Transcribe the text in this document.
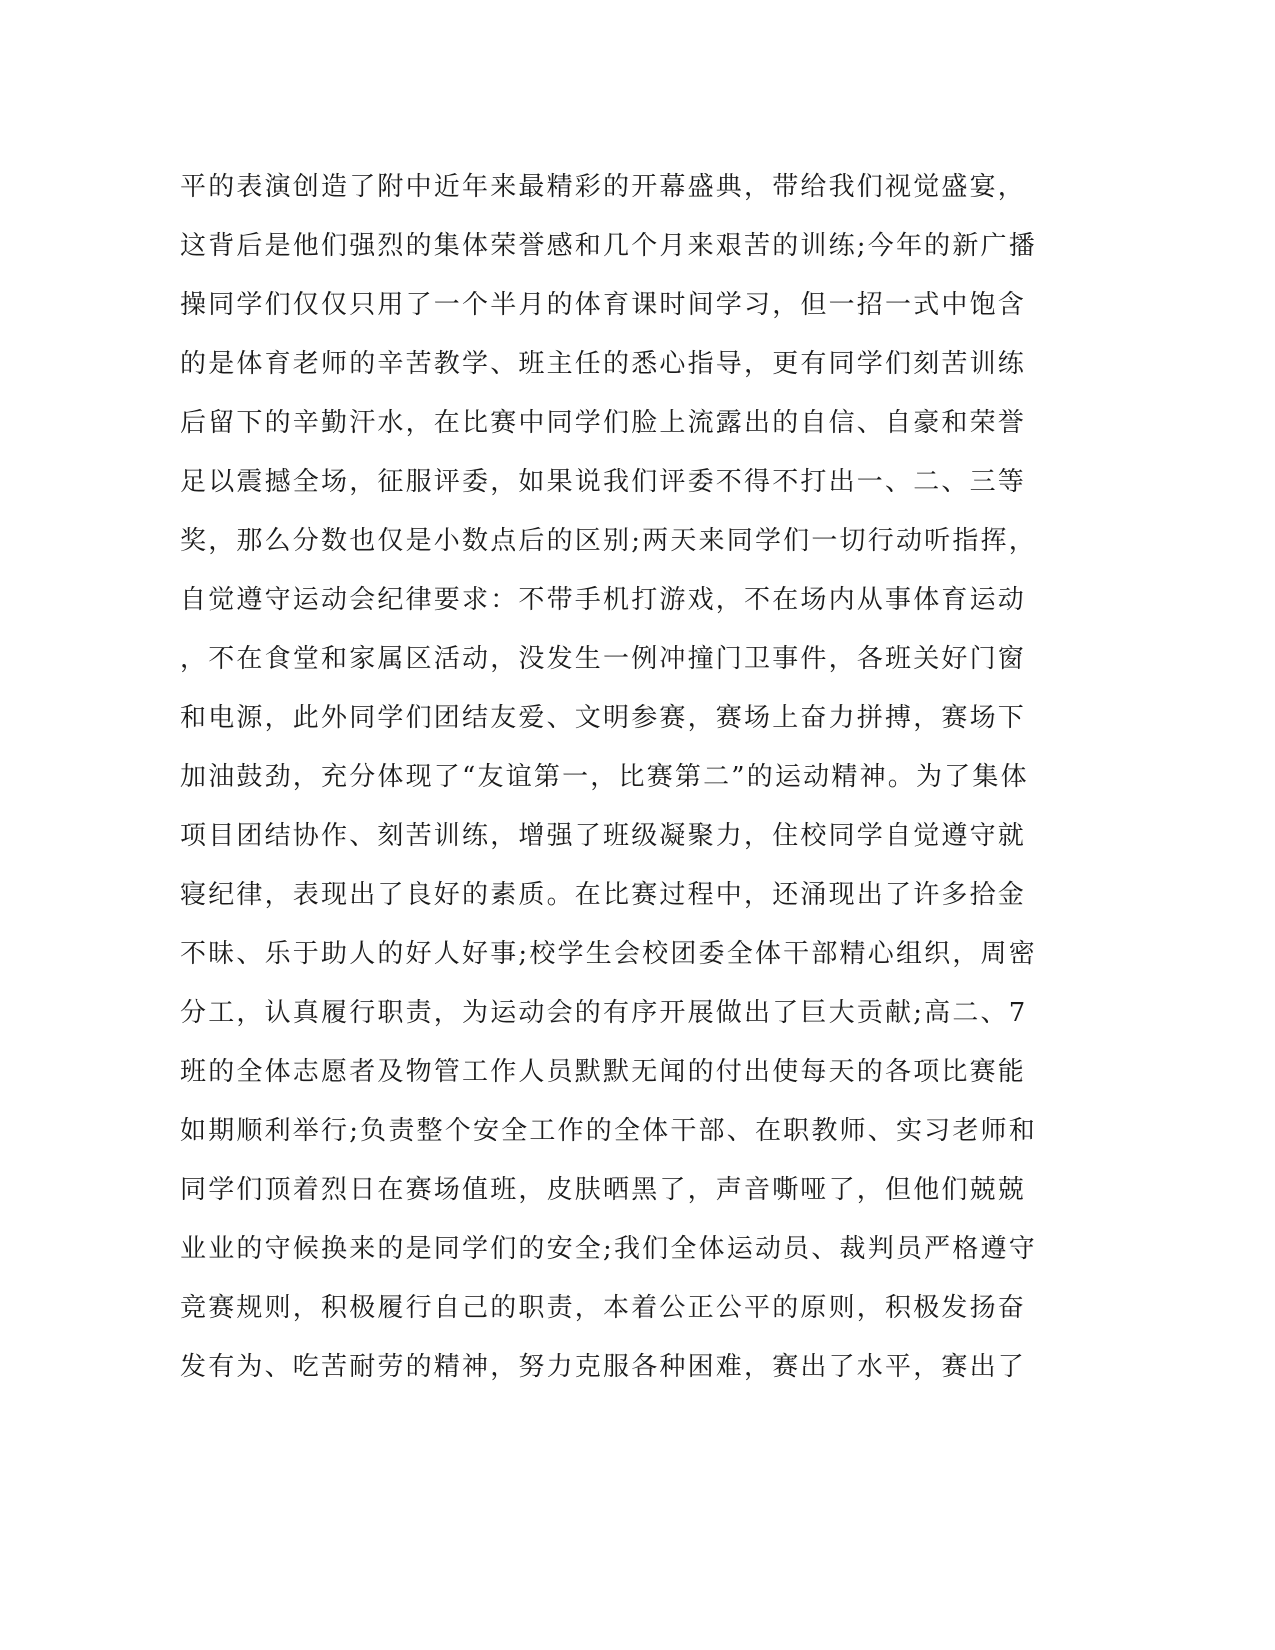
平的表演创造了附中近年来最精彩的开幕盛典，带给我们视觉盛宴，
这背后是他们强烈的集体荣誉感和几个月来艰苦的训练;今年的新广播
操同学们仅仅只用了一个半月的体育课时间学习，但一招一式中饱含
的是体育老师的辛苦教学、班主任的悉心指导，更有同学们刻苦训练
后留下的辛勤汗水，在比赛中同学们脸上流露出的自信、自豪和荣誉
足以震撼全场，征服评委，如果说我们评委不得不打出一、二、三等
奖，那么分数也仅是小数点后的区别;两天来同学们一切行动听指挥，
自觉遵守运动会纪律要求：不带手机打游戏，不在场内从事体育运动
，不在食堂和家属区活动，没发生一例冲撞门卫事件，各班关好门窗
和电源，此外同学们团结友爱、文明参赛，赛场上奋力拼搏，赛场下
加油鼓劲，充分体现了“友谊第一，比赛第二”的运动精神。为了集体
项目团结协作、刻苦训练，增强了班级凝聚力，住校同学自觉遵守就
寝纪律，表现出了良好的素质。在比赛过程中，还涌现出了许多拾金
不昧、乐于助人的好人好事;校学生会校团委全体干部精心组织，周密
分工，认真履行职责，为运动会的有序开展做出了巨大贡献;高二、7
班的全体志愿者及物管工作人员默默无闻的付出使每天的各项比赛能
如期顺利举行;负责整个安全工作的全体干部、在职教师、实习老师和
同学们顶着烈日在赛场值班，皮肤晒黑了，声音嘶哑了，但他们兢兢
业业的守候换来的是同学们的安全;我们全体运动员、裁判员严格遵守
竞赛规则，积极履行自己的职责，本着公正公平的原则，积极发扬奋
发有为、吃苦耐劳的精神，努力克服各种困难，赛出了水平，赛出了
